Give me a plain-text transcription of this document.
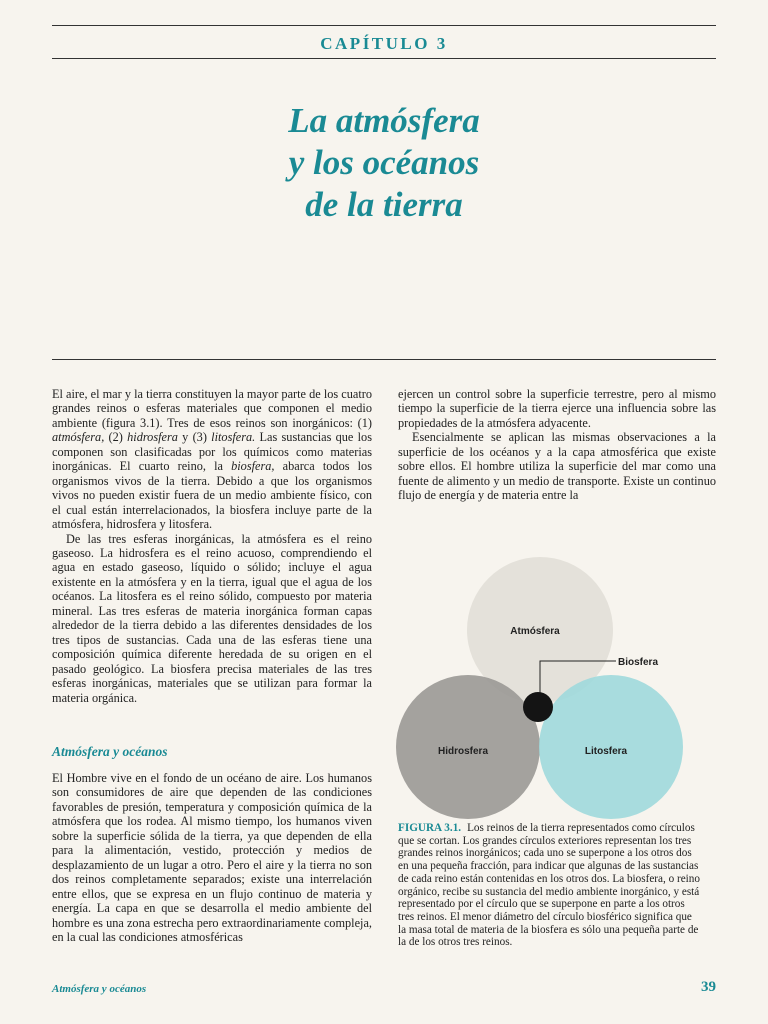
CAPÍTULO 3
La atmósfera
y los océanos
de la tierra

El aire, el mar y la tierra constituyen la mayor parte de los cuatro grandes reinos o esferas materiales que componen el medio ambiente (figura 3.1). Tres de esos reinos son inorgánicos: (1) atmósfera, (2) hidrosfera y (3) litosfera. Las sustancias que los componen son clasificadas por los químicos como materias inorgánicas. El cuarto reino, la biosfera, abarca todos los organismos vivos de la tierra. Debido a que los organismos vivos no pueden existir fuera de un medio ambiente físico, con el cual están interrelacionados, la biosfera incluye parte de la atmósfera, hidrosfera y litosfera.

De las tres esferas inorgánicas, la atmósfera es el reino gaseoso. La hidrosfera es el reino acuoso, comprendiendo el agua en estado gaseoso, líquido o sólido; incluye el agua existente en la atmósfera y en la tierra, igual que el agua de los océanos. La litosfera es el reino sólido, compuesto por materia mineral. Las tres esferas de materia inorgánica forman capas alrededor de la tierra debido a las diferentes densidades de los tres tipos de sustancias. Cada una de las esferas tiene una composición química diferente heredada de su origen en el pasado geológico. La biosfera precisa materiales de las tres esferas inorgánicas, materiales que se utilizan para formar la materia orgánica.

Atmósfera y océanos

El Hombre vive en el fondo de un océano de aire. Los humanos son consumidores de aire que dependen de las condiciones favorables de presión, temperatura y composición química de la atmósfera que los rodea. Al mismo tiempo, los humanos viven sobre la superficie sólida de la tierra, ya que dependen de ella para la alimentación, vestido, protección y medios de desplazamiento de un lugar a otro. Pero el aire y la tierra no son dos reinos completamente separados; existe una interrelación entre ellos, que se expresa en un flujo continuo de materia y energía. La capa en que se desarrolla el medio ambiente del hombre es una zona estrecha pero extraordinariamente compleja, en la cual las condiciones atmosféricas

ejercen un control sobre la superficie terrestre, pero al mismo tiempo la superficie de la tierra ejerce una influencia sobre las propiedades de la atmósfera adyacente.

Esencialmente se aplican las mismas observaciones a la superficie de los océanos y a la capa atmosférica que existe sobre ellos. El hombre utiliza la superficie del mar como una fuente de alimento y un medio de transporte. Existe un continuo flujo de energía y de materia entre la

Atmósfera
Biosfera
Hidrosfera	Litosfera
FIGURA 3.1. Los reinos de la tierra representados como círculos que se cortan. Los grandes círculos exteriores representan los tres grandes reinos inorgánicos; cada uno se superpone a los otros dos en una pequeña fracción, para indicar que algunas de las sustancias de cada reino están contenidas en los otros dos. La biosfera, o reino orgánico, recibe su sustancia del medio ambiente inorgánico, y está representado por el círculo que se superpone en parte a los otros tres reinos. El menor diámetro del círculo biosférico significa que la masa total de materia de la biosfera es sólo una pequeña parte de la de los otros tres reinos.
Atmósfera y océanos	39
